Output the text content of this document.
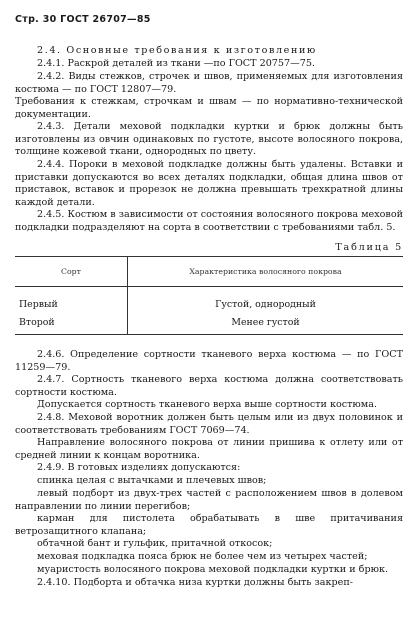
Стр. 30 ГОСТ 26707—85

2.4. Основные требования к изготовлению

2.4.1. Раскрой деталей из ткани —по ГОСТ 20757—75.

2.4.2. Виды стежков, строчек и швов, применяемых для изготовления костюма — по ГОСТ 12807—79.

Требования к стежкам, строчкам и швам — по нормативно-технической документации.

2.4.3. Детали меховой подкладки куртки и брюк должны быть изготовлены из овчин одинаковых по густоте, высоте волосяного покрова, толщине кожевой ткани, однородных по цвету.

2.4.4. Пороки в меховой подкладке должны быть удалены. Вставки и приставки допускаются во всех деталях подкладки, общая длина швов от приставок, вставок и прорезок не должна превышать трехкратной длины каждой детали.

2.4.5. Костюм в зависимости от состояния волосяного покрова меховой подкладки подразделяют на сорта в соответствии с требованиями табл. 5.

Таблица 5
Сорт	Характеристика волосяного покрова
Первый	Густой, однородный
Второй	Менее густой

2.4.6. Определение сортности тканевого верха костюма — по ГОСТ 11259—79.

2.4.7. Сортность тканевого верха костюма должна соответствовать сортности костюма.

Допускается сортность тканевого верха выше сортности костюма.

2.4.8. Меховой воротник должен быть целым или из двух половинок и соответствовать требованиям ГОСТ 7069—74.

Направление волосяного покрова от линии пришива к отлету или от средней линии к концам воротника.

2.4.9. В готовых изделиях допускаются:

спинка целая с вытачками и плечевых швов;

левый подборт из двух-трех частей с расположением швов в долевом направлении по линии перегибов;

карман для пистолета обрабатывать в шве притачивания ветрозащитного клапана;

обтачной бант и гульфик, притачной откосок;

меховая подкладка пояса брюк не более чем из четырех частей;

муаристость волосяного покрова меховой подкладки куртки и брюк.

2.4.10. Подборта и обтачка низа куртки должны быть закреп-
